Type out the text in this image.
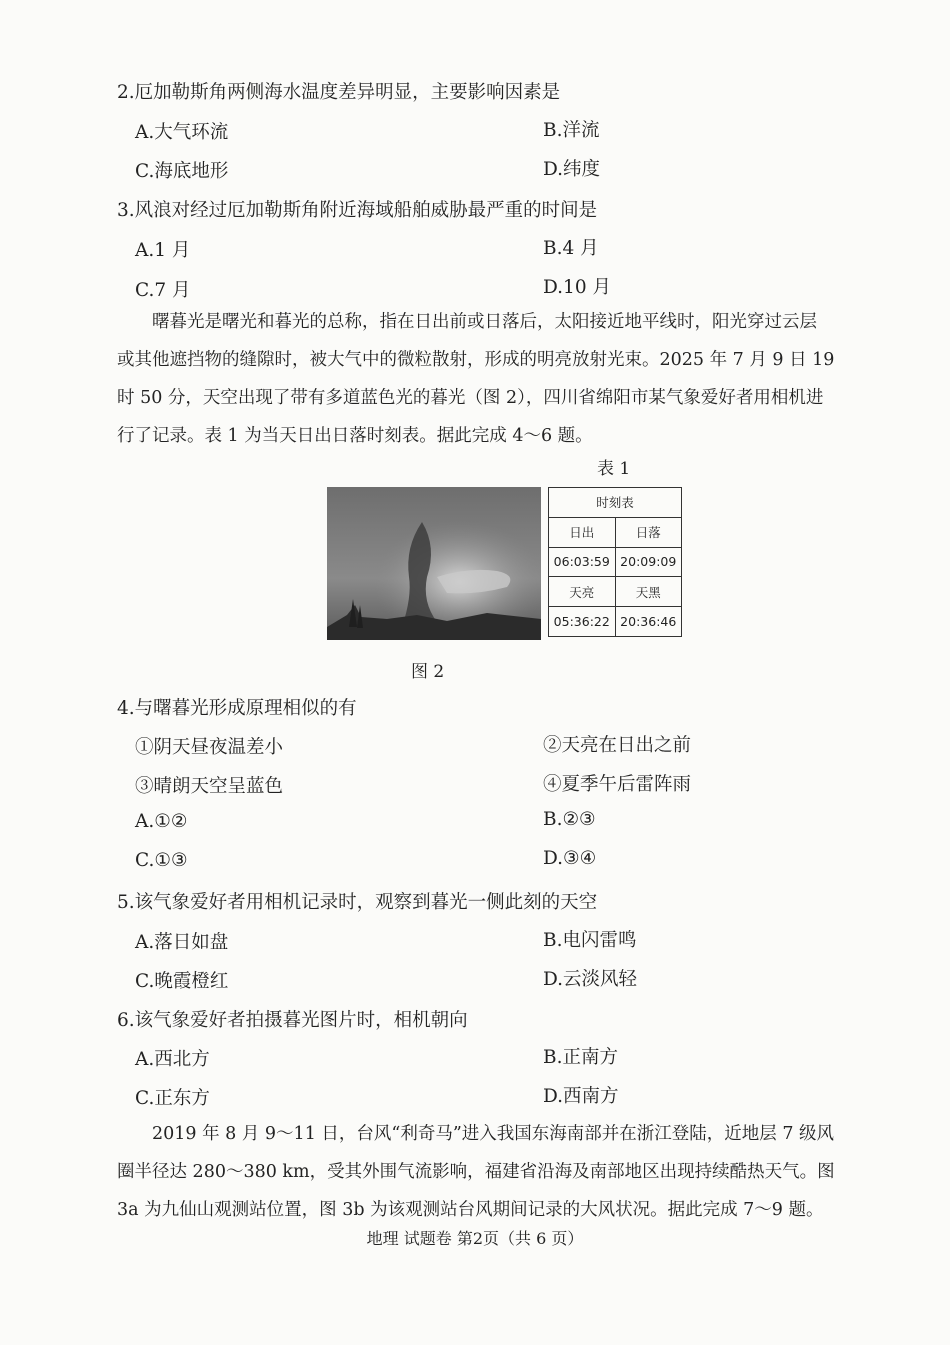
2.厄加勒斯角两侧海水温度差异明显，主要影响因素是
A.大气环流	B.洋流
C.海底地形	D.纬度
3.风浪对经过厄加勒斯角附近海域船舶威胁最严重的时间是
A.1 月	B.4 月
C.7 月	D.10 月
曙暮光是曙光和暮光的总称，指在日出前或日落后，太阳接近地平线时，阳光穿过云层
或其他遮挡物的缝隙时，被大气中的微粒散射，形成的明亮放射光束。2025 年 7 月 9 日 19
时 50 分，天空出现了带有多道蓝色光的暮光（图 2），四川省绵阳市某气象爱好者用相机进
行了记录。表 1 为当天日出日落时刻表。据此完成 4～6 题。
表 1
时刻表	
日出	日落
06:03:59	20:09:09
天亮	天黑
05:36:22	20:36:46
图 2
4.与曙暮光形成原理相似的有
①阴天昼夜温差小	②天亮在日出之前
③晴朗天空呈蓝色	④夏季午后雷阵雨
A.①②	B.②③
C.①③	D.③④
5.该气象爱好者用相机记录时，观察到暮光一侧此刻的天空
A.落日如盘	B.电闪雷鸣
C.晚霞橙红	D.云淡风轻
6.该气象爱好者拍摄暮光图片时，相机朝向
A.西北方	B.正南方
C.正东方	D.西南方
2019 年 8 月 9～11 日，台风“利奇马”进入我国东海南部并在浙江登陆，近地层 7 级风
圈半径达 280～380 km，受其外围气流影响，福建省沿海及南部地区出现持续酷热天气。图
3a 为九仙山观测站位置，图 3b 为该观测站台风期间记录的大风状况。据此完成 7～9 题。
地理 试题卷 第2页（共 6 页）
